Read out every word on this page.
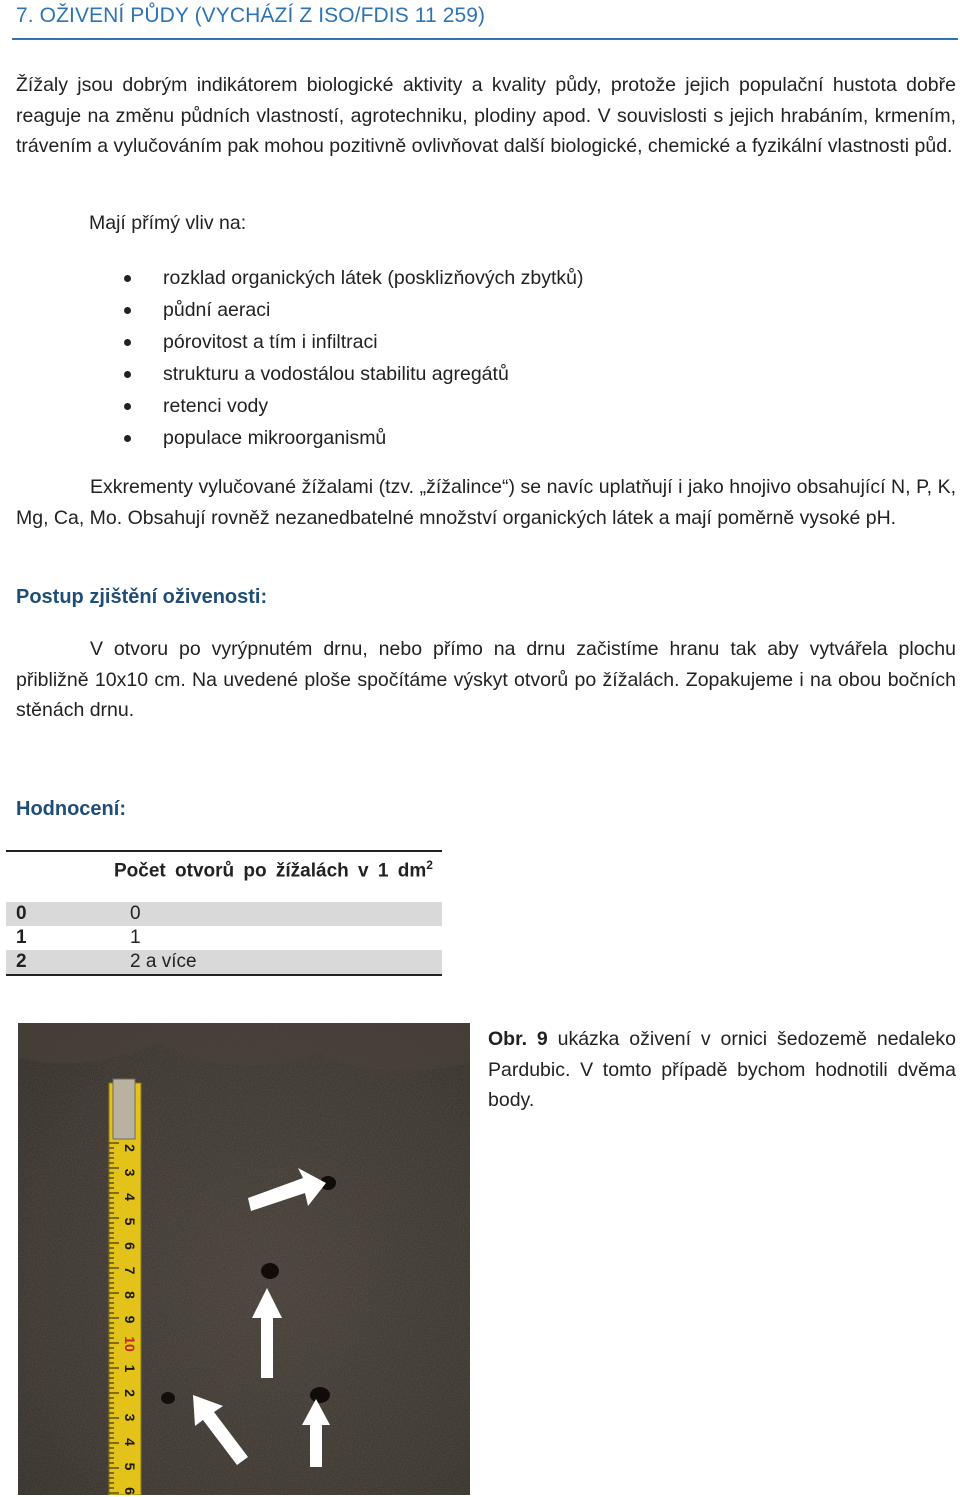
7. OŽIVENÍ PŮDY (VYCHÁZÍ Z ISO/FDIS 11 259)

Žížaly jsou dobrým indikátorem biologické aktivity a kvality půdy, protože jejich populační hustota dobře reaguje na změnu půdních vlastností, agrotechniku, plodiny apod. V souvislosti s jejich hrabáním, krmením, trávením a vylučováním pak mohou pozitivně ovlivňovat další biologické, chemické a fyzikální vlastnosti půd.

Mají přímý vliv na:
rozklad organických látek (posklizňových zbytků)
půdní aeraci
pórovitost a tím i infiltraci
strukturu a vodostálou stabilitu agregátů
retenci vody
populace mikroorganismů

Exkrementy vylučované žížalami (tzv. „žížalince“) se navíc uplatňují i jako hnojivo obsahující N, P, K, Mg, Ca, Mo. Obsahují rovněž nezanedbatelné množství organických látek a mají poměrně vysoké pH.

Postup zjištění oživenosti:

V otvoru po vyrýpnutém drnu, nebo přímo na drnu začistíme hranu tak aby vytvářela plochu přibližně 10x10 cm. Na uvedené ploše spočítáme výskyt otvorů po žížalách. Zopakujeme i na obou bočních stěnách drnu.

Hodnocení:
Počet otvorů po žížalách v 1 $dm^2$
0	0
1	1
2	2 a více
2
3
4
5
6
7
8
9
10
1
2
3
4
5
6

Obr. 9 ukázka oživení v ornici šedozemě nedaleko Pardubic. V tomto případě bychom hodnotili dvěma body.
